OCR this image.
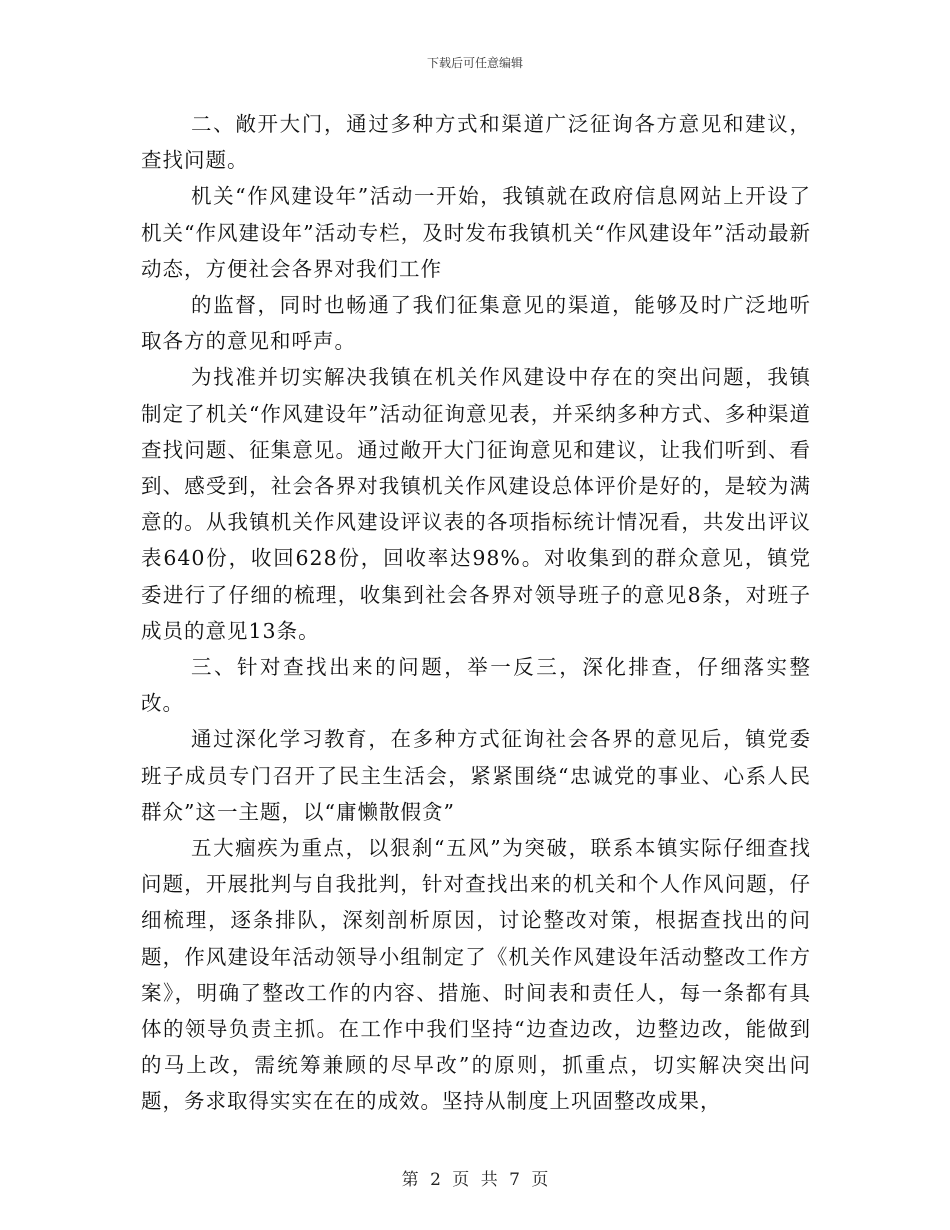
下载后可任意编辑

二、敞开大门，通过多种方式和渠道广泛征询各方意见和建议，查找问题。

机关“作风建设年”活动一开始，我镇就在政府信息网站上开设了机关“作风建设年”活动专栏，及时发布我镇机关“作风建设年”活动最新动态，方便社会各界对我们工作

的监督，同时也畅通了我们征集意见的渠道，能够及时广泛地听取各方的意见和呼声。

为找准并切实解决我镇在机关作风建设中存在的突出问题，我镇制定了机关“作风建设年”活动征询意见表，并采纳多种方式、多种渠道查找问题、征集意见。通过敞开大门征询意见和建议，让我们听到、看到、感受到，社会各界对我镇机关作风建设总体评价是好的，是较为满意的。从我镇机关作风建设评议表的各项指标统计情况看，共发出评议表640份，收回628份，回收率达98%。对收集到的群众意见，镇党委进行了仔细的梳理，收集到社会各界对领导班子的意见8条，对班子成员的意见13条。

三、针对查找出来的问题，举一反三，深化排查，仔细落实整改。

通过深化学习教育，在多种方式征询社会各界的意见后，镇党委班子成员专门召开了民主生活会，紧紧围绕“忠诚党的事业、心系人民群众”这一主题，以“庸懒散假贪”

五大痼疾为重点，以狠刹“五风”为突破，联系本镇实际仔细查找问题，开展批判与自我批判，针对查找出来的机关和个人作风问题，仔细梳理，逐条排队，深刻剖析原因，讨论整改对策，根据查找出的问题，作风建设年活动领导小组制定了《机关作风建设年活动整改工作方案》，明确了整改工作的内容、措施、时间表和责任人，每一条都有具体的领导负责主抓。在工作中我们坚持“边查边改，边整边改，能做到的马上改，需统筹兼顾的尽早改”的原则，抓重点，切实解决突出问题，务求取得实实在在的成效。坚持从制度上巩固整改成果，

第 2 页 共 7 页
